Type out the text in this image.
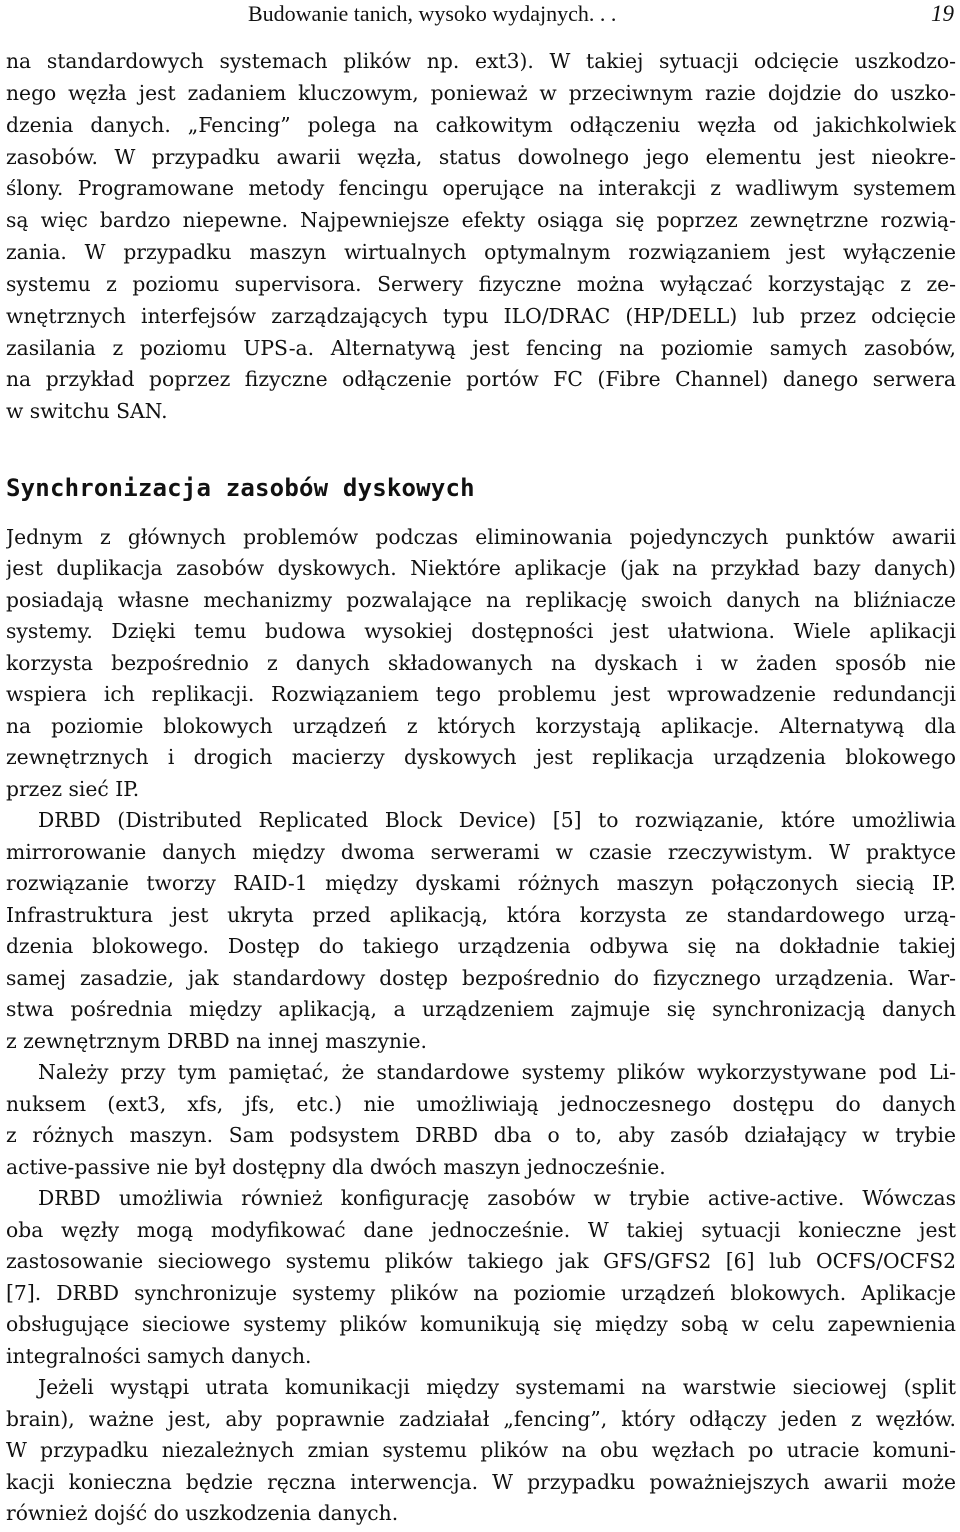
Budowanie tanich, wysoko wydajnych. . .	19
na standardowych systemach plików np. ext3). W takiej sytuacji odcięcie uszkodzo-
nego węzła jest zadaniem kluczowym, ponieważ w przeciwnym razie dojdzie do uszko-
dzenia danych. „Fencing” polega na całkowitym odłączeniu węzła od jakichkolwiek
zasobów. W przypadku awarii węzła, status dowolnego jego elementu jest nieokre-
ślony. Programowane metody fencingu operujące na interakcji z wadliwym systemem
są więc bardzo niepewne. Najpewniejsze efekty osiąga się poprzez zewnętrzne rozwią-
zania. W przypadku maszyn wirtualnych optymalnym rozwiązaniem jest wyłączenie
systemu z poziomu supervisora. Serwery fizyczne można wyłączać korzystając z ze-
wnętrznych interfejsów zarządzających typu ILO/DRAC (HP/DELL) lub przez odcięcie
zasilania z poziomu UPS-a. Alternatywą jest fencing na poziomie samych zasobów,
na przykład poprzez fizyczne odłączenie portów FC (Fibre Channel) danego serwera
w switchu SAN.
Synchronizacja zasobów dyskowych
Jednym z głównych problemów podczas eliminowania pojedynczych punktów awarii
jest duplikacja zasobów dyskowych. Niektóre aplikacje (jak na przykład bazy danych)
posiadają własne mechanizmy pozwalające na replikację swoich danych na bliźniacze
systemy. Dzięki temu budowa wysokiej dostępności jest ułatwiona. Wiele aplikacji
korzysta bezpośrednio z danych składowanych na dyskach i w żaden sposób nie
wspiera ich replikacji. Rozwiązaniem tego problemu jest wprowadzenie redundancji
na poziomie blokowych urządzeń z których korzystają aplikacje. Alternatywą dla
zewnętrznych i drogich macierzy dyskowych jest replikacja urządzenia blokowego
przez sieć IP.
DRBD (Distributed Replicated Block Device) [5] to rozwiązanie, które umożliwia
mirrorowanie danych między dwoma serwerami w czasie rzeczywistym. W praktyce
rozwiązanie tworzy RAID-1 między dyskami różnych maszyn połączonych siecią IP.
Infrastruktura jest ukryta przed aplikacją, która korzysta ze standardowego urzą-
dzenia blokowego. Dostęp do takiego urządzenia odbywa się na dokładnie takiej
samej zasadzie, jak standardowy dostęp bezpośrednio do fizycznego urządzenia. War-
stwa pośrednia między aplikacją, a urządzeniem zajmuje się synchronizacją danych
z zewnętrznym DRBD na innej maszynie.
Należy przy tym pamiętać, że standardowe systemy plików wykorzystywane pod Li-
nuksem (ext3, xfs, jfs, etc.) nie umożliwiają jednoczesnego dostępu do danych
z różnych maszyn. Sam podsystem DRBD dba o to, aby zasób działający w trybie
active-passive nie był dostępny dla dwóch maszyn jednocześnie.
DRBD umożliwia również konfigurację zasobów w trybie active-active. Wówczas
oba węzły mogą modyfikować dane jednocześnie. W takiej sytuacji konieczne jest
zastosowanie sieciowego systemu plików takiego jak GFS/GFS2 [6] lub OCFS/OCFS2
[7]. DRBD synchronizuje systemy plików na poziomie urządzeń blokowych. Aplikacje
obsługujące sieciowe systemy plików komunikują się między sobą w celu zapewnienia
integralności samych danych.
Jeżeli wystąpi utrata komunikacji między systemami na warstwie sieciowej (split
brain), ważne jest, aby poprawnie zadziałał „fencing”, który odłączy jeden z węzłów.
W przypadku niezależnych zmian systemu plików na obu węzłach po utracie komuni-
kacji konieczna będzie ręczna interwencja. W przypadku poważniejszych awarii może
również dojść do uszkodzenia danych.
